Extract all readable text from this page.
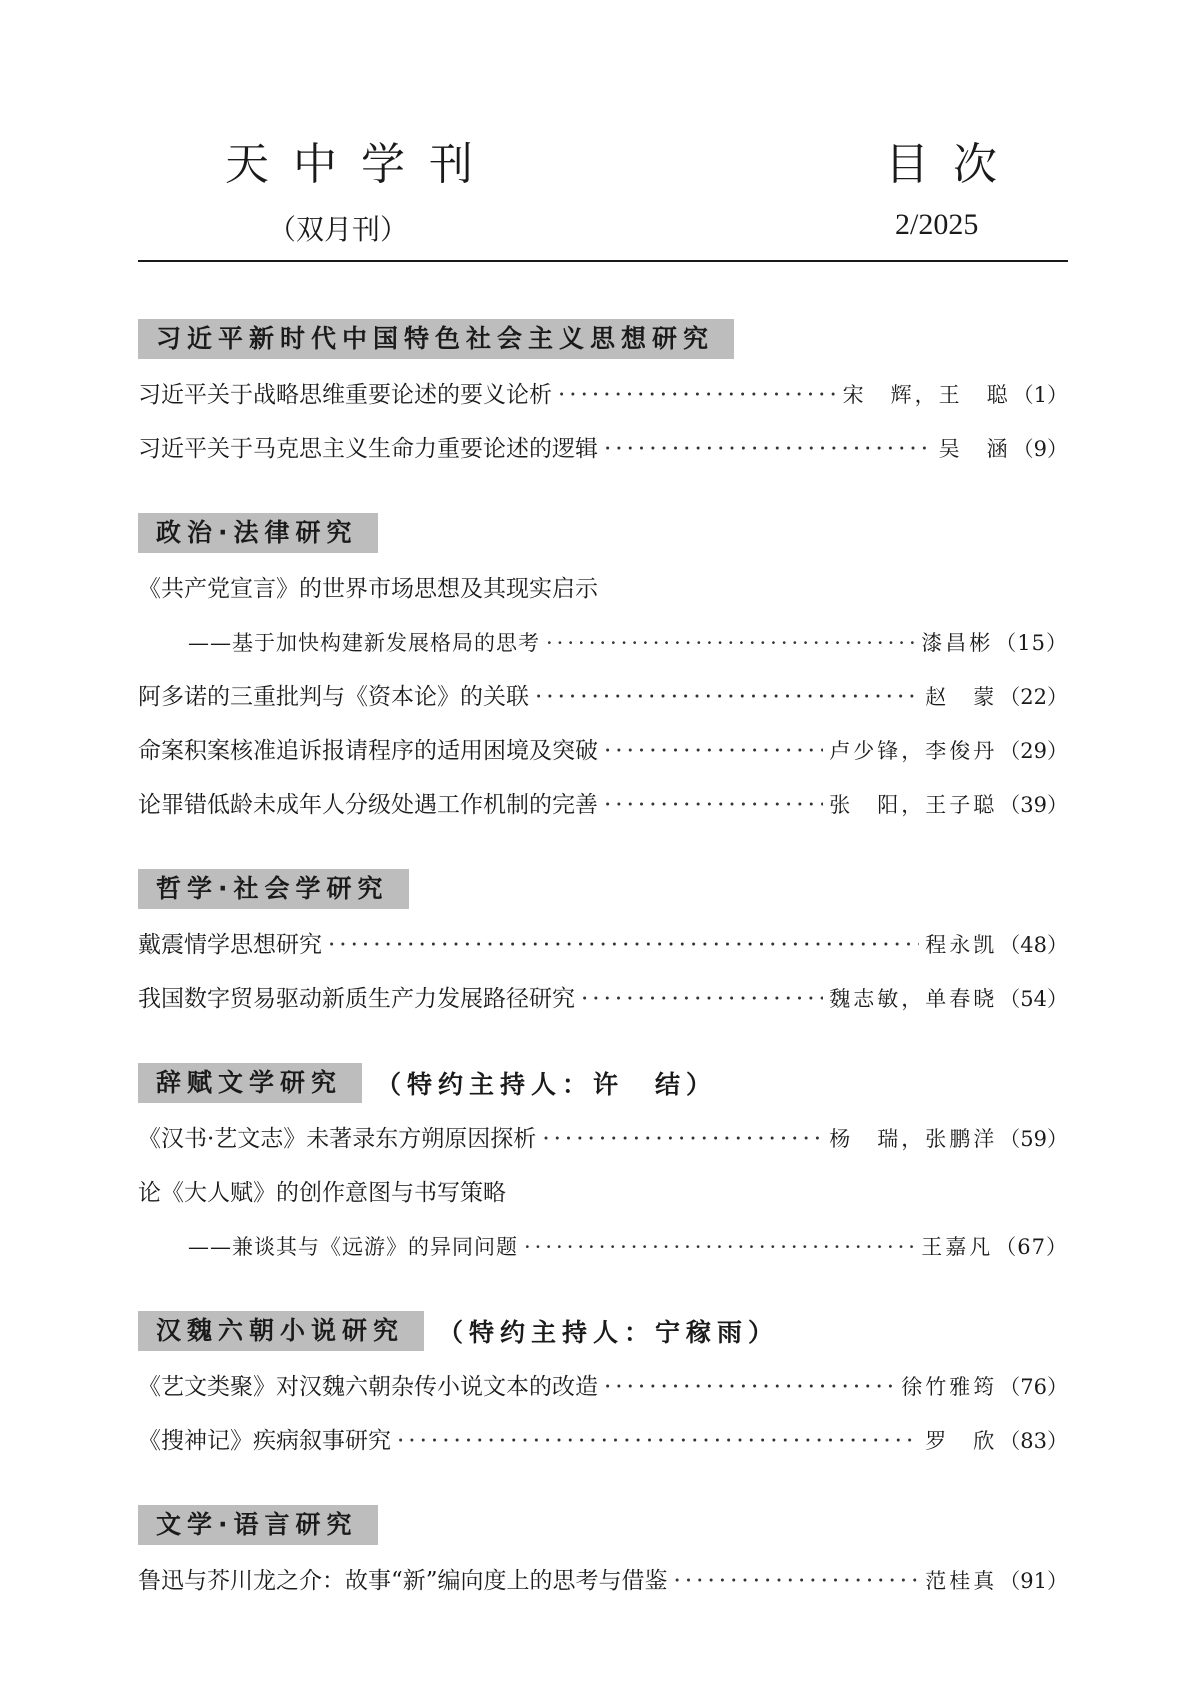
天中学刊	目次
（双月刊）	2/2025
习近平新时代中国特色社会主义思想研究
习近平关于战略思维重要论述的要义论析 ·····	宋　辉，王　聪 （1）
习近平关于马克思主义生命力重要论述的逻辑 ·····	吴　涵 （9）
政治·法律研究
《共产党宣言》的世界市场思想及其现实启示
——基于加快构建新发展格局的思考 ·····	漆昌彬 （15）
阿多诺的三重批判与《资本论》的关联 ·····	赵　蒙 （22）
命案积案核准追诉报请程序的适用困境及突破 ·····	卢少锋，李俊丹 （29）
论罪错低龄未成年人分级处遇工作机制的完善 ·····	张　阳，王子聪 （39）
哲学·社会学研究
戴震情学思想研究 ·····	程永凯 （48）
我国数字贸易驱动新质生产力发展路径研究 ·····	魏志敏，单春晓 （54）
辞赋文学研究	（特约主持人：许　结）
《汉书·艺文志》未著录东方朔原因探析 ·····	杨　瑞，张鹏洋 （59）
论《大人赋》的创作意图与书写策略
——兼谈其与《远游》的异同问题 ·····	王嘉凡 （67）
汉魏六朝小说研究	（特约主持人：宁稼雨）
《艺文类聚》对汉魏六朝杂传小说文本的改造 ·····	徐竹雅筠 （76）
《搜神记》疾病叙事研究 ·····	罗　欣 （83）
文学·语言研究
鲁迅与芥川龙之介：故事“新”编向度上的思考与借鉴 ·····	范桂真 （91）
